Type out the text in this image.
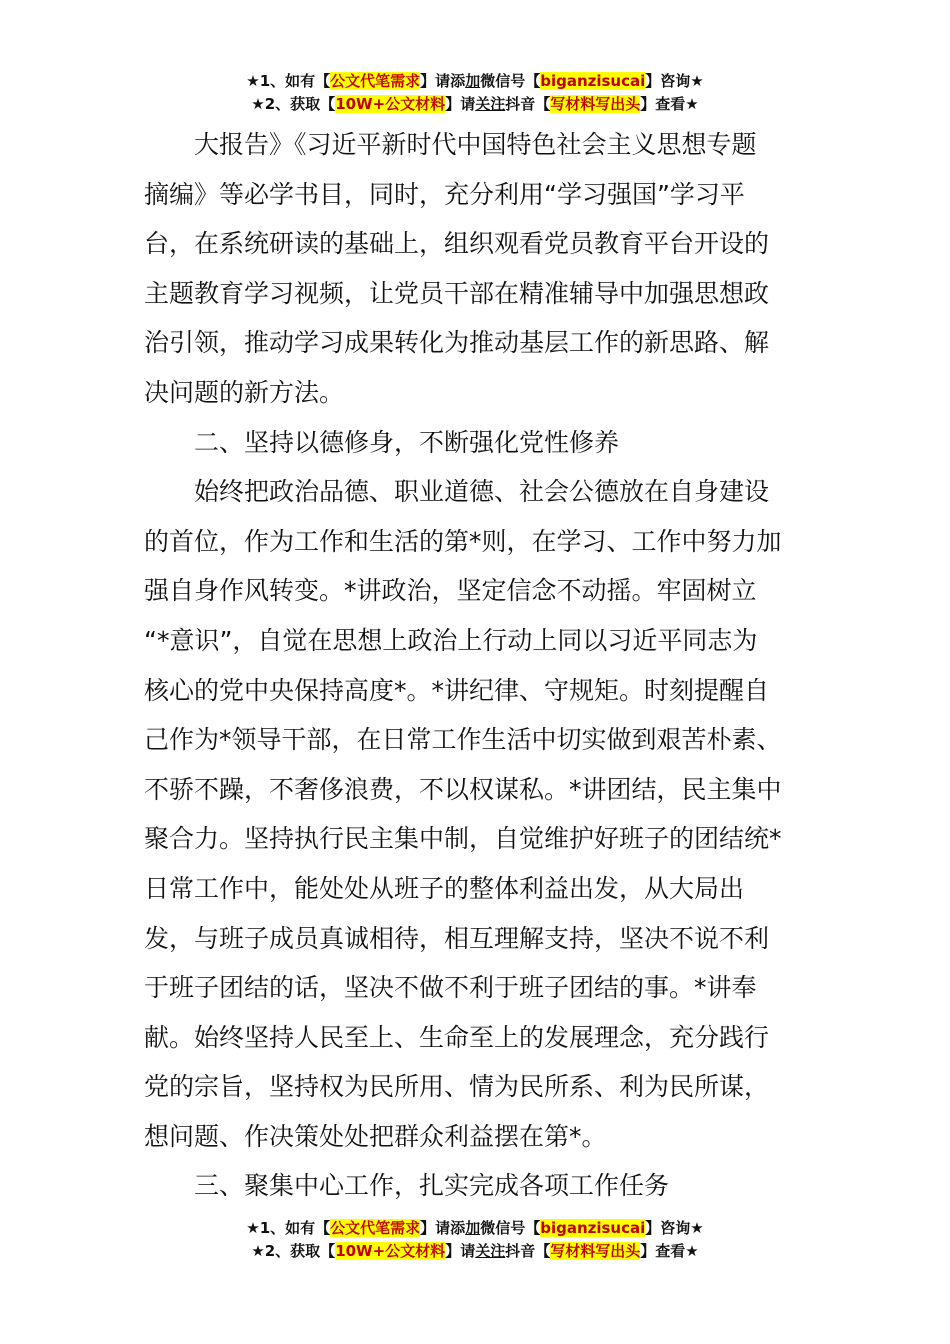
★1、如有【公文代笔需求】请添加微信号【biganzisucai】咨询★
★2、获取【10W+公文材料】请关注抖音【写材料写出头】查看★
大报告》《习近平新时代中国特色社会主义思想专题
摘编》等必学书目，同时，充分利用“学习强国”学习平
台，在系统研读的基础上，组织观看党员教育平台开设的
主题教育学习视频，让党员干部在精准辅导中加强思想政
治引领，推动学习成果转化为推动基层工作的新思路、解
决问题的新方法。
二、坚持以德修身，不断强化党性修养
始终把政治品德、职业道德、社会公德放在自身建设
的首位，作为工作和生活的第*则，在学习、工作中努力加
强自身作风转变。*讲政治，坚定信念不动摇。牢固树立
“*意识”，自觉在思想上政治上行动上同以习近平同志为
核心的党中央保持高度*。*讲纪律、守规矩。时刻提醒自
己作为*领导干部，在日常工作生活中切实做到艰苦朴素、
不骄不躁，不奢侈浪费，不以权谋私。*讲团结，民主集中
聚合力。坚持执行民主集中制，自觉维护好班子的团结统*
日常工作中，能处处从班子的整体利益出发，从大局出
发，与班子成员真诚相待，相互理解支持，坚决不说不利
于班子团结的话，坚决不做不利于班子团结的事。*讲奉
献。始终坚持人民至上、生命至上的发展理念，充分践行
党的宗旨，坚持权为民所用、情为民所系、利为民所谋，
想问题、作决策处处把群众利益摆在第*。
三、聚集中心工作，扎实完成各项工作任务
★1、如有【公文代笔需求】请添加微信号【biganzisucai】咨询★
★2、获取【10W+公文材料】请关注抖音【写材料写出头】查看★
